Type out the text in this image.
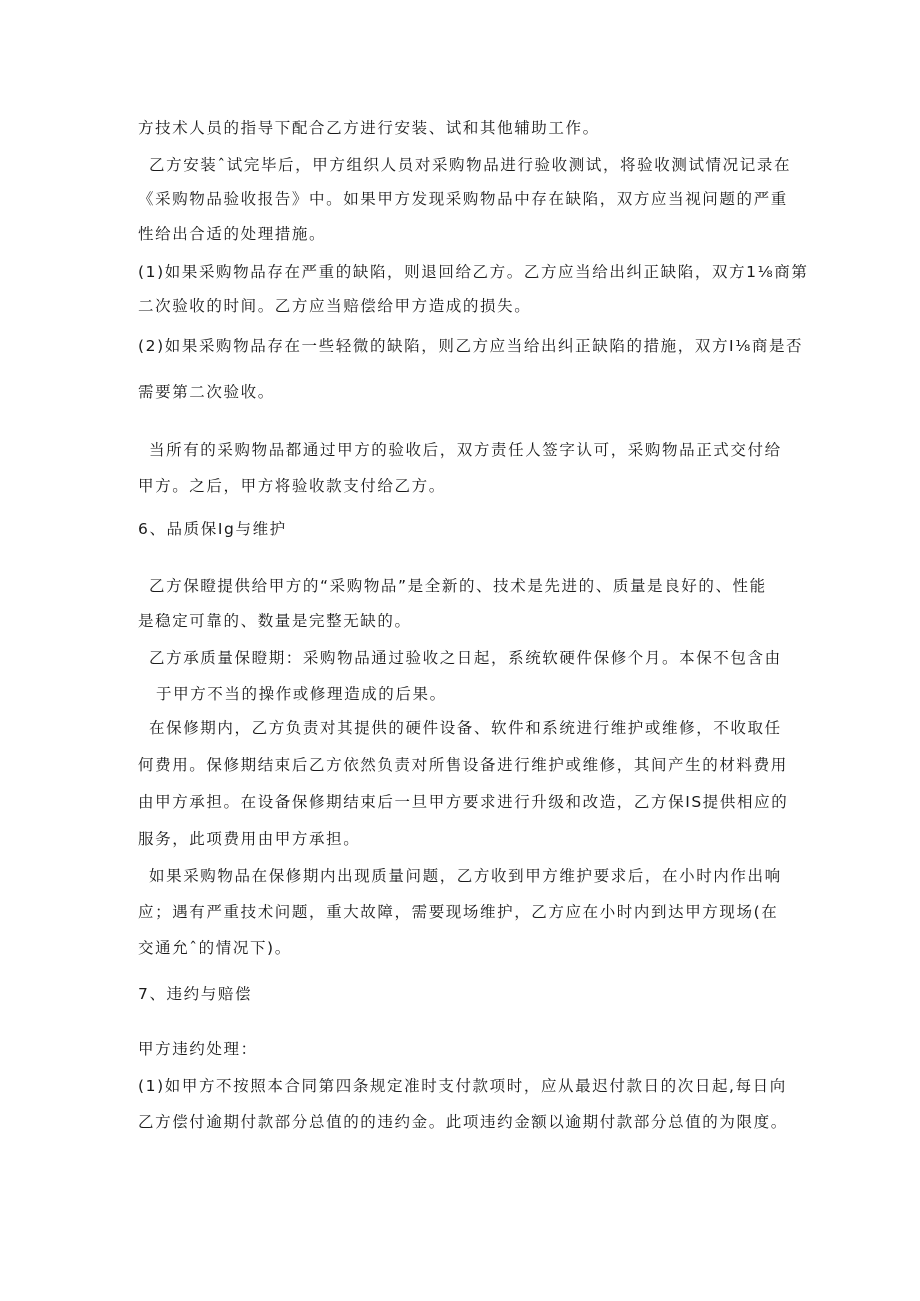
方技术人员的指导下配合乙方进行安装、试和其他辅助工作。
乙方安装ˆ试完毕后，甲方组织人员对采购物品进行验收测试，将验收测试情况记录在
《采购物品验收报告》中。如果甲方发现采购物品中存在缺陷，双方应当视问题的严重
性给出合适的处理措施。
(1)如果采购物品存在严重的缺陷，则退回给乙方。乙方应当给出纠正缺陷，双方1⅛商第
二次验收的时间。乙方应当赔偿给甲方造成的损失。
(2)如果采购物品存在一些轻微的缺陷，则乙方应当给出纠正缺陷的措施，双方I⅛商是否
需要第二次验收。
当所有的采购物品都通过甲方的验收后，双方责任人签字认可，采购物品正式交付给
甲方。之后，甲方将验收款支付给乙方。
6、品质保Ig与维护
乙方保瞪提供给甲方的“采购物品”是全新的、技术是先进的、质量是良好的、性能
是稳定可靠的、数量是完整无缺的。
乙方承质量保瞪期：采购物品通过验收之日起，系统软硬件保修个月。本保不包含由
于甲方不当的操作或修理造成的后果。
在保修期内，乙方负责对其提供的硬件设备、软件和系统进行维护或维修，不收取任
何费用。保修期结束后乙方依然负责对所售设备进行维护或维修，其间产生的材料费用
由甲方承担。在设备保修期结束后一旦甲方要求进行升级和改造，乙方保IS提供相应的
服务，此项费用由甲方承担。
如果采购物品在保修期内出现质量问题，乙方收到甲方维护要求后，在小时内作出响
应；遇有严重技术问题，重大故障，需要现场维护，乙方应在小时内到达甲方现场(在
交通允ˆ的情况下)。
7、违约与赔偿
甲方违约处理：
(1)如甲方不按照本合同第四条规定准时支付款项时，应从最迟付款日的次日起,每日向
乙方偿付逾期付款部分总值的的违约金。此项违约金额以逾期付款部分总值的为限度。
